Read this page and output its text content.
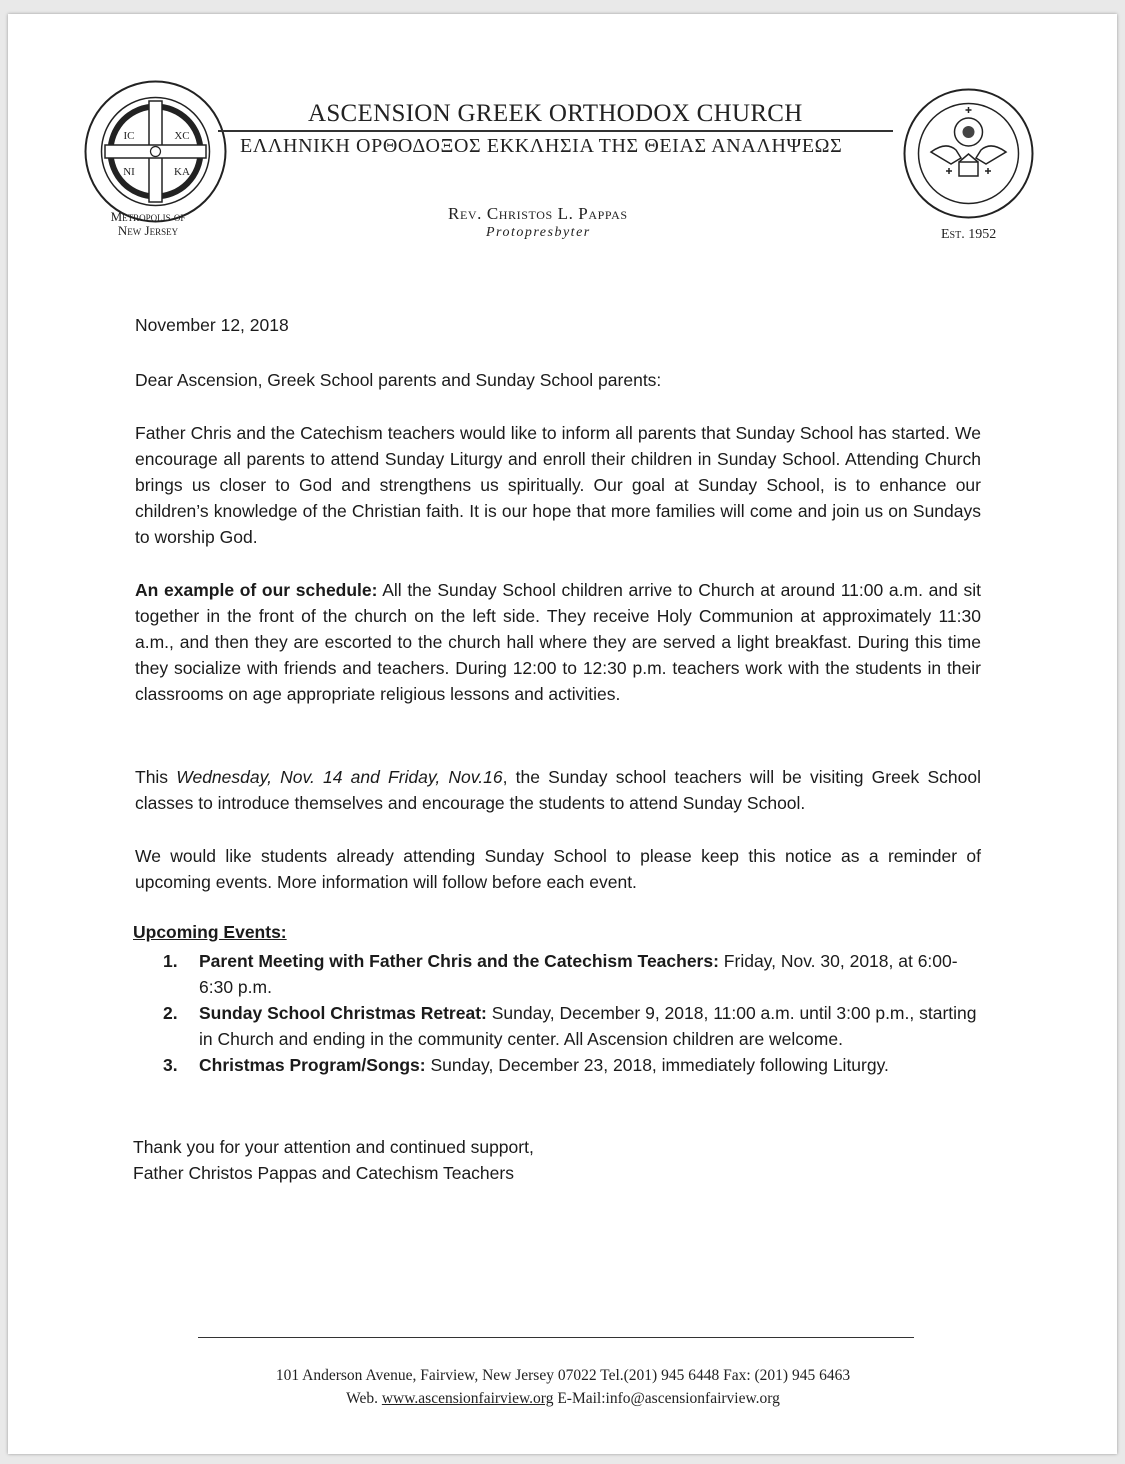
IC	XC
NI	KA
Metropolis of
New Jersey
ASCENSION GREEK ORTHODOX CHURCH
ΕΛΛΗΝΙΚΗ ΟΡΘΟΔΟΞΟΣ ΕΚΚΛΗΣΙΑ ΤΗΣ ΘΕΙΑΣ ΑΝΑΛΗΨΕΩΣ
Rev. Christos L. Pappas
Protopresbyter	Est. 1952
November 12, 2018
Dear Ascension, Greek School parents and Sunday School parents:
Father Chris and the Catechism teachers would like to inform all parents that Sunday School has started. We encourage all parents to attend Sunday Liturgy and enroll their children in Sunday School. Attending Church brings us closer to God and strengthens us spiritually. Our goal at Sunday School, is to enhance our children’s knowledge of the Christian faith. It is our hope that more families will come and join us on Sundays to worship God.
An example of our schedule: All the Sunday School children arrive to Church at around 11:00 a.m. and sit together in the front of the church on the left side. They receive Holy Communion at approximately 11:30 a.m., and then they are escorted to the church hall where they are served a light breakfast. During this time they socialize with friends and teachers. During 12:00 to 12:30 p.m. teachers work with the students in their classrooms on age appropriate religious lessons and activities.
This Wednesday, Nov. 14 and Friday, Nov.16, the Sunday school teachers will be visiting Greek School classes to introduce themselves and encourage the students to attend Sunday School.
We would like students already attending Sunday School to please keep this notice as a reminder of upcoming events. More information will follow before each event.
Upcoming Events:
1. Parent Meeting with Father Chris and the Catechism Teachers: Friday, Nov. 30, 2018, at 6:00-6:30 p.m.
2. Sunday School Christmas Retreat: Sunday, December 9, 2018, 11:00 a.m. until 3:00 p.m., starting in Church and ending in the community center. All Ascension children are welcome.
3. Christmas Program/Songs: Sunday, December 23, 2018, immediately following Liturgy.
Thank you for your attention and continued support,
Father Christos Pappas and Catechism Teachers
101 Anderson Avenue, Fairview, New Jersey 07022 Tel.(201) 945 6448 Fax: (201) 945 6463
Web. www.ascensionfairview.org E-Mail:info@ascensionfairview.org
